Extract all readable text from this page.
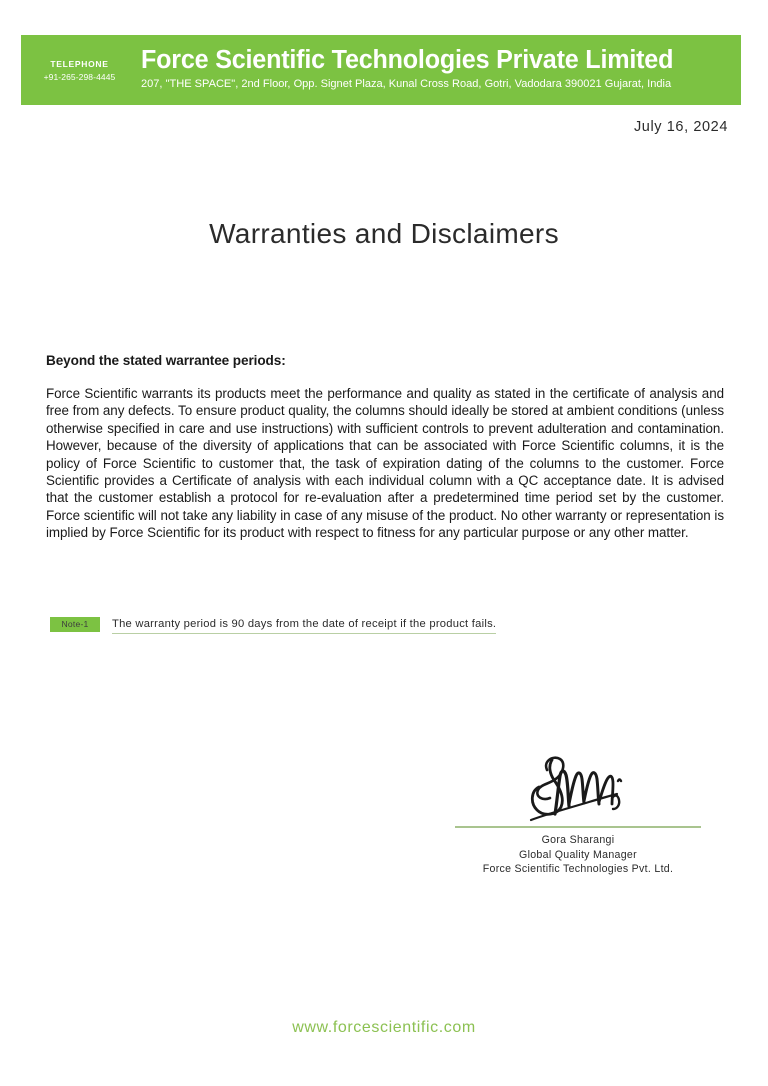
TELEPHONE
+91-265-298-4445
Force Scientific Technologies Private Limited
207, "THE SPACE", 2nd Floor, Opp. Signet Plaza, Kunal Cross Road, Gotri, Vadodara 390021 Gujarat, India
July 16, 2024
Warranties and Disclaimers
Beyond the stated warrantee periods:
Force Scientific warrants its products meet the performance and quality as stated in the certificate of analysis and free from any defects. To ensure product quality, the columns should ideally be stored at ambient conditions (unless otherwise specified in care and use instructions) with sufficient controls to prevent adulteration and contamination. However, because of the diversity of applications that can be associated with Force Scientific columns, it is the policy of Force Scientific to customer that, the task of expiration dating of the columns to the customer. Force Scientific provides a Certificate of analysis with each individual column with a QC acceptance date. It is advised that the customer establish a protocol for re-evaluation after a predetermined time period set by the customer. Force scientific will not take any liability in case of any misuse of the product. No other warranty or representation is implied by Force Scientific for its product with respect to fitness for any particular purpose or any other matter.
Note-1	The warranty period is 90 days from the date of receipt if the product fails.
Gora Sharangi
Global Quality Manager
Force Scientific Technologies Pvt. Ltd.
www.forcescientific.com
